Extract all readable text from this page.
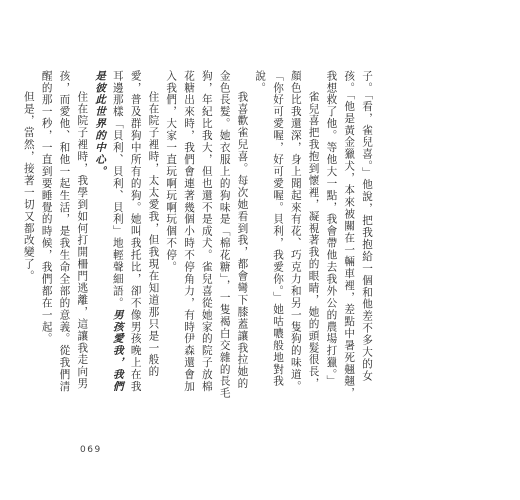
子。「看，雀兒喜。」他說，把我抱給一個和他差不多大的女孩。「他是黃金獵犬，本來被關在一輛車裡，差點中暑死翹翹，我想救了他。等他大一點，我會帶他去我外公的農場打獵。」

雀兒喜把我抱到懷裡，凝視著我的眼睛，她的頭髮很長，顏色比我還深，身上聞起來有花、巧克力和另一隻狗的味道。「你好可愛喔，好可愛喔。貝利，我愛你。」她咕噥般地對我說。

我喜歡雀兒喜。每次她看到我，都會彎下膝蓋讓我拉她的金色長髮。她衣服上的狗味是「棉花糖」，一隻褐白交雜的長毛狗，年紀比我大，但也還不是成犬。雀兒喜從她家的院子放棉花糖出來時，我們會連著幾個小時不停角力，有時伊森還會加入我們，大家一直玩啊玩啊玩個不停。

住在院子裡時，太太愛我，但我現在知道那只是一般的愛，普及群狗中所有的狗。她叫我托比，卻不像男孩晚上在我耳邊那樣「貝利、貝利、貝利」地輕聲細語。男孩愛我，我們是彼此世界的中心。

住在院子裡時，我學到如何打開柵門逃離，這讓我走向男孩，而愛他、和他一起生活，是我生命全部的意義。從我們清醒的那一秒，一直到要睡覺的時候，我們都在一起。

但是，當然，接著一切又都改變了。

069
